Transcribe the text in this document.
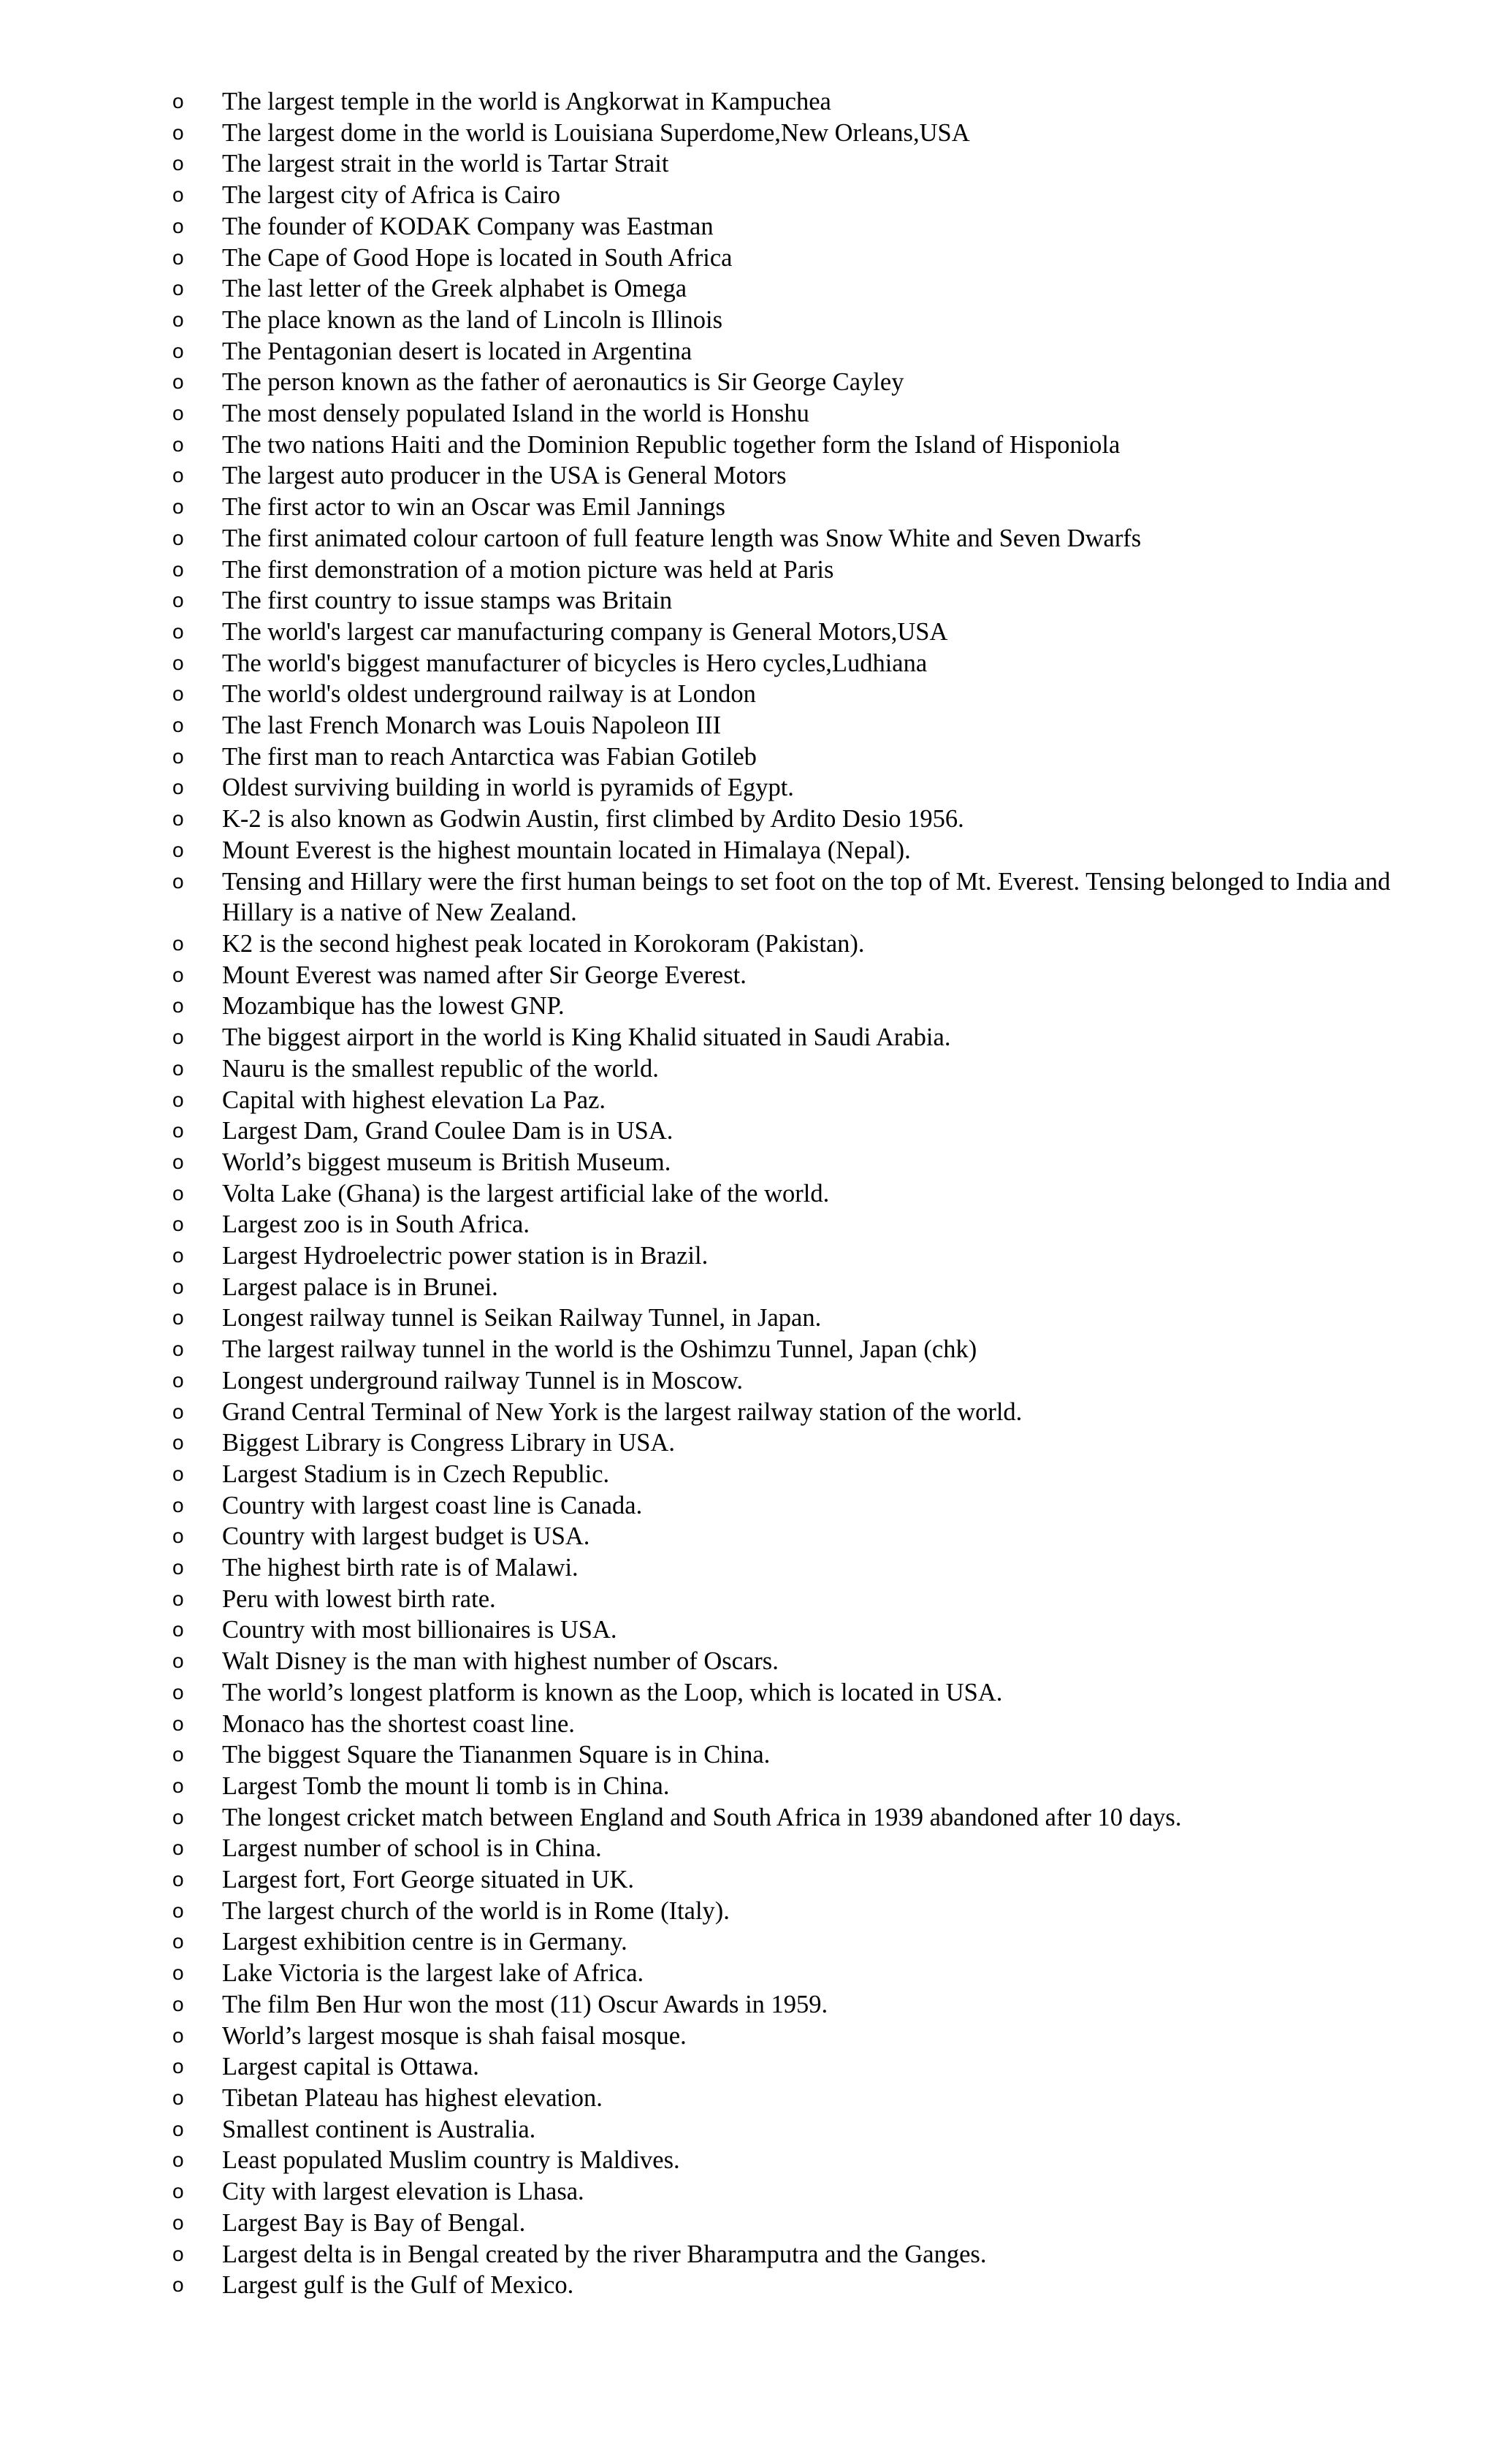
o The largest temple in the world is Angkorwat in Kampuchea
o The largest dome in the world is Louisiana Superdome,New Orleans,USA
o The largest strait in the world is Tartar Strait
o The largest city of Africa is Cairo
o The founder of KODAK Company was Eastman
o The Cape of Good Hope is located in South Africa
o The last letter of the Greek alphabet is Omega
o The place known as the land of Lincoln is Illinois
o The Pentagonian desert is located in Argentina
o The person known as the father of aeronautics is Sir George Cayley
o The most densely populated Island in the world is Honshu
o The two nations Haiti and the Dominion Republic together form the Island of Hisponiola
o The largest auto producer in the USA is General Motors
o The first actor to win an Oscar was Emil Jannings
o The first animated colour cartoon of full feature length was Snow White and Seven Dwarfs
o The first demonstration of a motion picture was held at Paris
o The first country to issue stamps was Britain
o The world's largest car manufacturing company is General Motors,USA
o The world's biggest manufacturer of bicycles is Hero cycles,Ludhiana
o The world's oldest underground railway is at London
o The last French Monarch was Louis Napoleon III
o The first man to reach Antarctica was Fabian Gotileb
o Oldest surviving building in world is pyramids of Egypt.
o K-2 is also known as Godwin Austin, first climbed by Ardito Desio 1956.
o Mount Everest is the highest mountain located in Himalaya (Nepal).
o Tensing and Hillary were the first human beings to set foot on the top of Mt. Everest. Tensing belonged to India and Hillary is a native of New Zealand.
o K2 is the second highest peak located in Korokoram (Pakistan).
o Mount Everest was named after Sir George Everest.
o Mozambique has the lowest GNP.
o The biggest airport in the world is King Khalid situated in Saudi Arabia.
o Nauru is the smallest republic of the world.
o Capital with highest elevation La Paz.
o Largest Dam, Grand Coulee Dam is in USA.
o World’s biggest museum is British Museum.
o Volta Lake (Ghana) is the largest artificial lake of the world.
o Largest zoo is in South Africa.
o Largest Hydroelectric power station is in Brazil.
o Largest palace is in Brunei.
o Longest railway tunnel is Seikan Railway Tunnel, in Japan.
o The largest railway tunnel in the world is the Oshimzu Tunnel, Japan (chk)
o Longest underground railway Tunnel is in Moscow.
o Grand Central Terminal of New York is the largest railway station of the world.
o Biggest Library is Congress Library in USA.
o Largest Stadium is in Czech Republic.
o Country with largest coast line is Canada.
o Country with largest budget is USA.
o The highest birth rate is of Malawi.
o Peru with lowest birth rate.
o Country with most billionaires is USA.
o Walt Disney is the man with highest number of Oscars.
o The world’s longest platform is known as the Loop, which is located in USA.
o Monaco has the shortest coast line.
o The biggest Square the Tiananmen Square is in China.
o Largest Tomb the mount li tomb is in China.
o The longest cricket match between England and South Africa in 1939 abandoned after 10 days.
o Largest number of school is in China.
o Largest fort, Fort George situated in UK.
o The largest church of the world is in Rome (Italy).
o Largest exhibition centre is in Germany.
o Lake Victoria is the largest lake of Africa.
o The film Ben Hur won the most (11) Oscur Awards in 1959.
o World’s largest mosque is shah faisal mosque.
o Largest capital is Ottawa.
o Tibetan Plateau has highest elevation.
o Smallest continent is Australia.
o Least populated Muslim country is Maldives.
o City with largest elevation is Lhasa.
o Largest Bay is Bay of Bengal.
o Largest delta is in Bengal created by the river Bharamputra and the Ganges.
o Largest gulf is the Gulf of Mexico.
